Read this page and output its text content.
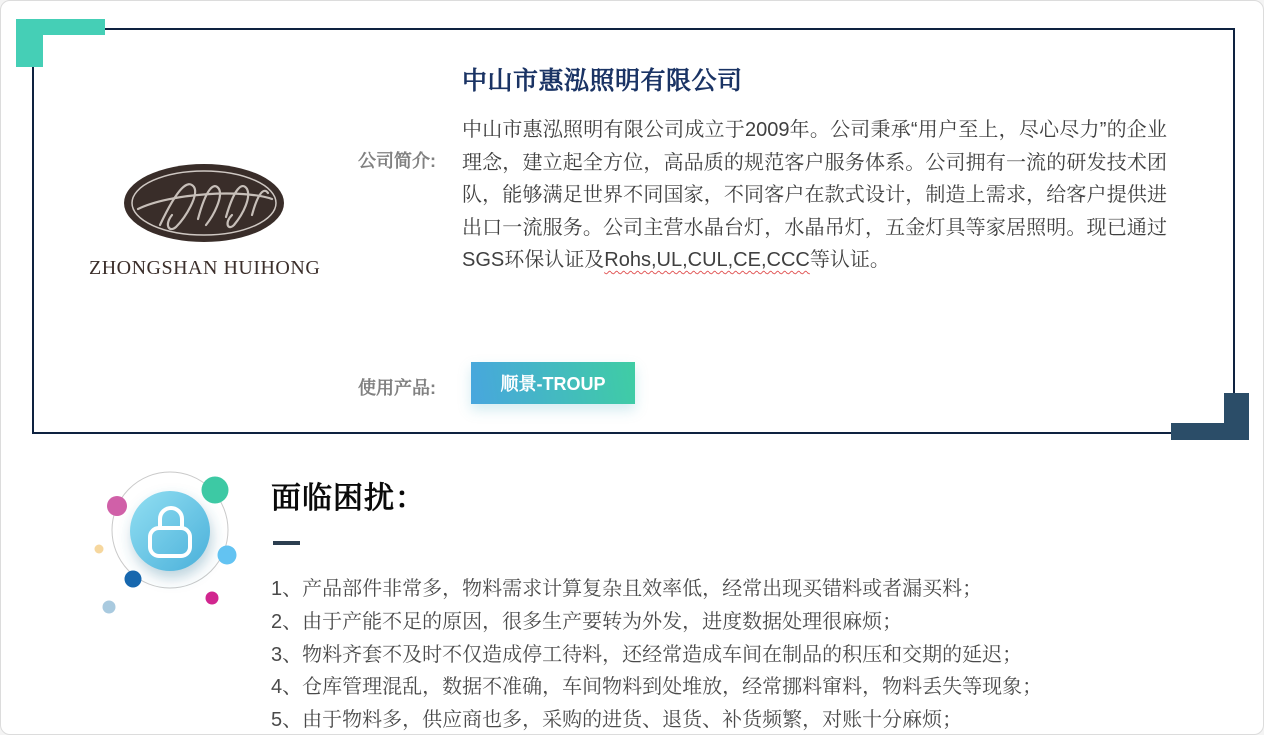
ZHONGSHAN HUIHONG
中山市惠泓照明有限公司
公司简介:

中山市惠泓照明有限公司成立于2009年。公司秉承“用户至上，尽心尽力”的企业理念，建立起全方位，高品质的规范客户服务体系。公司拥有一流的研发技术团队，能够满足世界不同国家，不同客户在款式设计，制造上需求，给客户提供进出口一流服务。公司主营水晶台灯，水晶吊灯，五金灯具等家居照明。现已通过SGS环保认证及Rohs,UL,CUL,CE,CCC等认证。

使用产品:	顺景-TROUP
面临困扰：
1、产品部件非常多，物料需求计算复杂且效率低，经常出现买错料或者漏买料；
2、由于产能不足的原因，很多生产要转为外发，进度数据处理很麻烦；
3、物料齐套不及时不仅造成停工待料，还经常造成车间在制品的积压和交期的延迟；
4、仓库管理混乱，数据不准确，车间物料到处堆放，经常挪料窜料，物料丢失等现象；
5、由于物料多，供应商也多，采购的进货、退货、补货频繁，对账十分麻烦；
